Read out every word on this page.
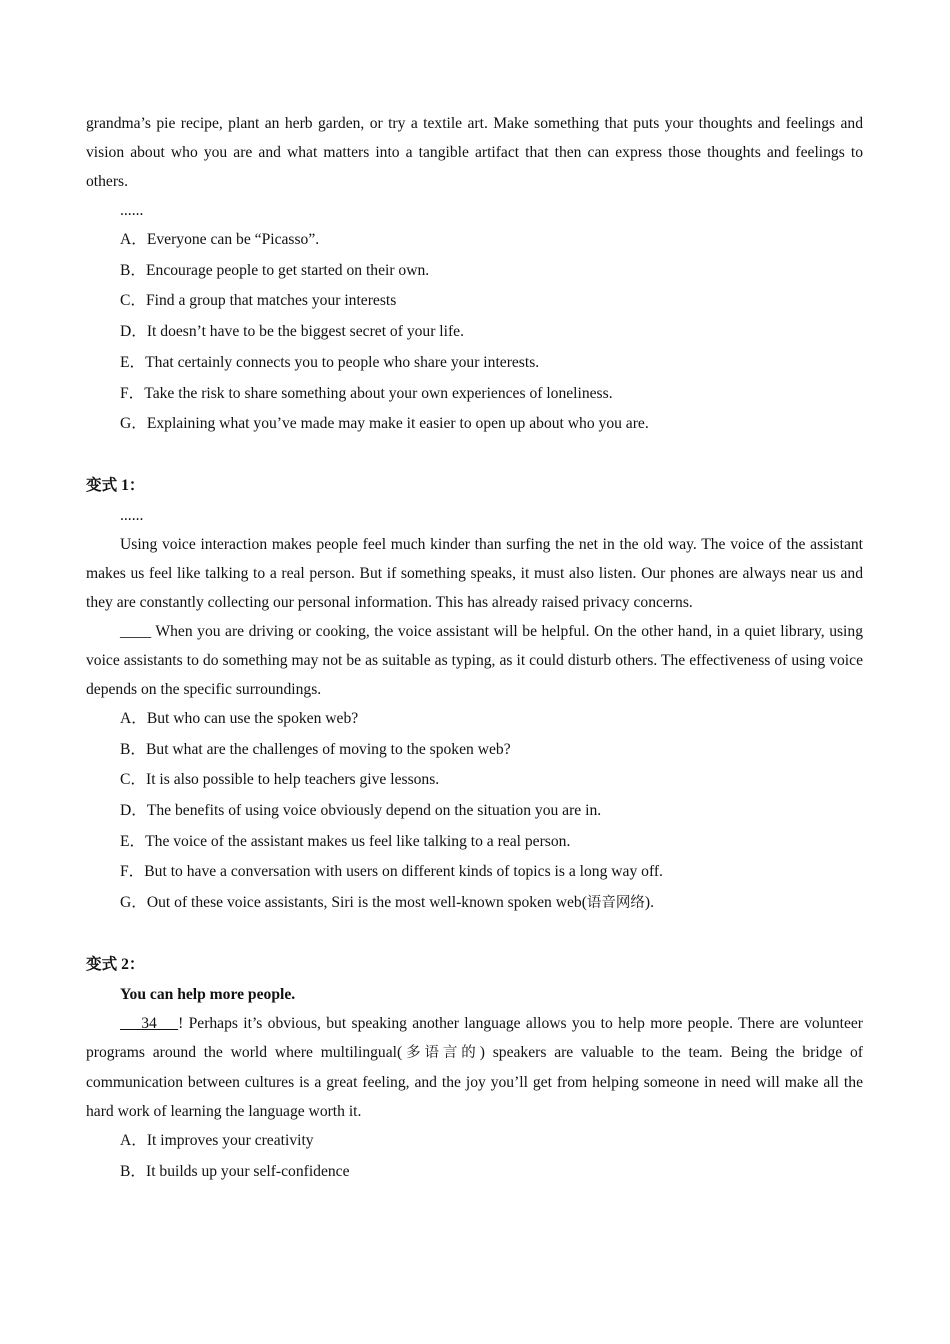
grandma’s pie recipe, plant an herb garden, or try a textile art. Make something that puts your thoughts and feelings and vision about who you are and what matters into a tangible artifact that then can express those thoughts and feelings to others.

......

A．Everyone can be “Picasso”.

B．Encourage people to get started on their own.

C．Find a group that matches your interests

D．It doesn’t have to be the biggest secret of your life.

E．That certainly connects you to people who share your interests.

F．Take the risk to share something about your own experiences of loneliness.

G．Explaining what you’ve made may make it easier to open up about who you are.

变式 1：

......

Using voice interaction makes people feel much kinder than surfing the net in the old way. The voice of the assistant makes us feel like talking to a real person. But if something speaks, it must also listen. Our phones are always near us and they are constantly collecting our personal information. This has already raised privacy concerns.

____ When you are driving or cooking, the voice assistant will be helpful. On the other hand, in a quiet library, using voice assistants to do something may not be as suitable as typing, as it could disturb others. The effectiveness of using voice depends on the specific surroundings.

A．But who can use the spoken web?

B．But what are the challenges of moving to the spoken web?

C．It is also possible to help teachers give lessons.

D．The benefits of using voice obviously depend on the situation you are in.

E．The voice of the assistant makes us feel like talking to a real person.

F．But to have a conversation with users on different kinds of topics is a long way off.

G．Out of these voice assistants, Siri is the most well-known spoken web(语音网络).

变式 2：

You can help more people.

34    ! Perhaps it’s obvious, but speaking another language allows you to help more people. There are volunteer programs around the world where multilingual(多语言的) speakers are valuable to the team. Being the bridge of communication between cultures is a great feeling, and the joy you’ll get from helping someone in need will make all the hard work of learning the language worth it.

A．It improves your creativity

B．It builds up your self-confidence
